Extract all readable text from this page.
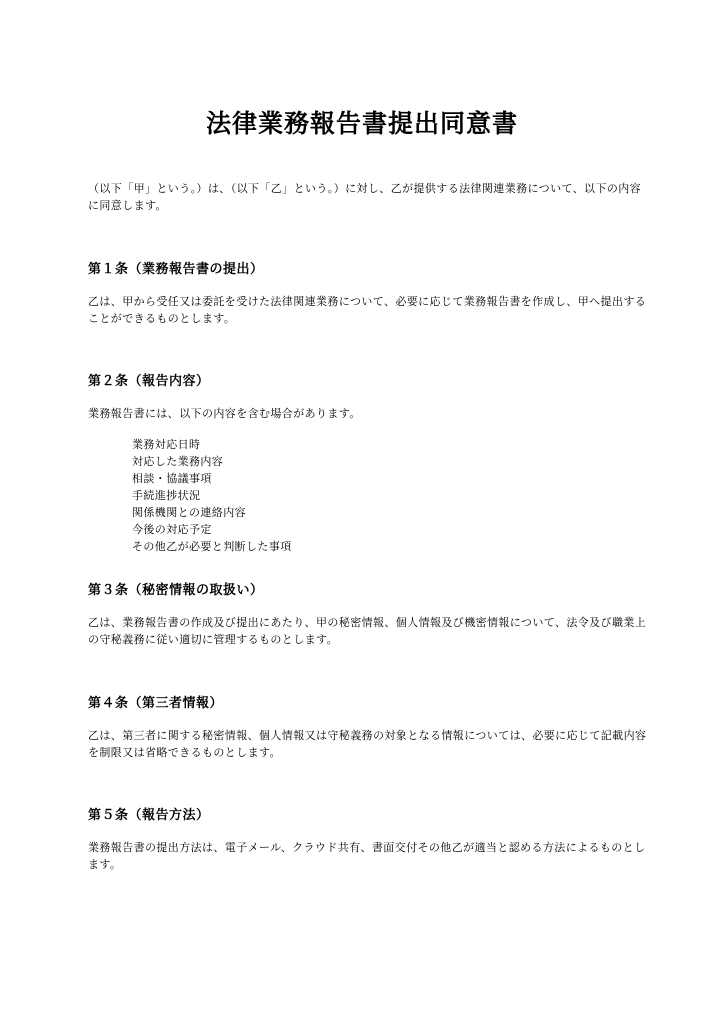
法律業務報告書提出同意書
（以下「甲」という。）は、（以下「乙」という。）に対し、乙が提供する法律関連業務について、以下の内容に同意します。
第１条（業務報告書の提出）
乙は、甲から受任又は委託を受けた法律関連業務について、必要に応じて業務報告書を作成し、甲へ提出することができるものとします。
第２条（報告内容）
業務報告書には、以下の内容を含む場合があります。
業務対応日時
対応した業務内容
相談・協議事項
手続進捗状況
関係機関との連絡内容
今後の対応予定
その他乙が必要と判断した事項
第３条（秘密情報の取扱い）
乙は、業務報告書の作成及び提出にあたり、甲の秘密情報、個人情報及び機密情報について、法令及び職業上の守秘義務に従い適切に管理するものとします。
第４条（第三者情報）
乙は、第三者に関する秘密情報、個人情報又は守秘義務の対象となる情報については、必要に応じて記載内容を制限又は省略できるものとします。
第５条（報告方法）
業務報告書の提出方法は、電子メール、クラウド共有、書面交付その他乙が適当と認める方法によるものとします。
